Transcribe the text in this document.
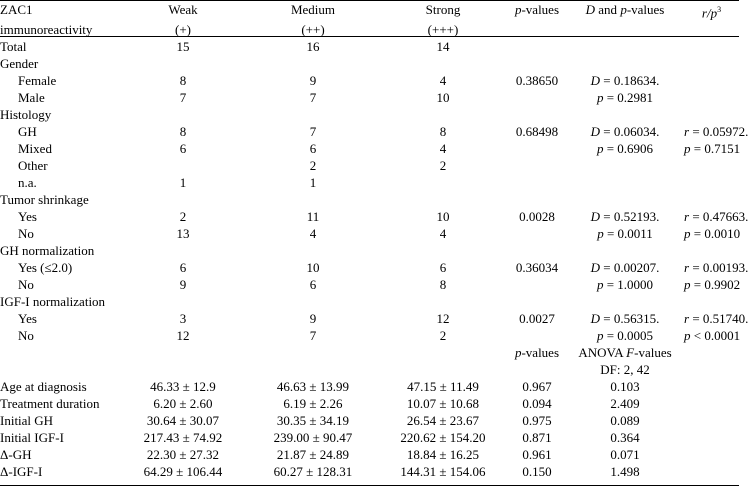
ZAC1	Weak	Medium	Strong	p-values	D and p-values	$r/p^3$
immunoreactivity	(+)	(++)	(+++)			
Total	15	16	14			
Gender						
Female	8	9	4	0.38650	D = 0.18634.	
Male	7	7	10		p = 0.2981	
Histology						
GH	8	7	8	0.68498	D = 0.06034.	r = 0.05972.
Mixed	6	6	4		p = 0.6906	p = 0.7151
Other		2	2			
n.a.	1	1				
Tumor shrinkage						
Yes	2	11	10	0.0028	D = 0.52193.	r = 0.47663.
No	13	4	4		p = 0.0011	p = 0.0010
GH normalization						
Yes (≤2.0)	6	10	6	0.36034	D = 0.00207.	r = 0.00193.
No	9	6	8		p = 1.0000	p = 0.9902
IGF-I normalization						
Yes	3	9	12	0.0027	D = 0.56315.	r = 0.51740.
No	12	7	2		p = 0.0005	p < 0.0001
				p-values	ANOVA F-values	
					DF: 2, 42	
Age at diagnosis	46.33 ± 12.9	46.63 ± 13.99	47.15 ± 11.49	0.967	0.103	
Treatment duration	6.20 ± 2.60	6.19 ± 2.26	10.07 ± 10.68	0.094	2.409	
Initial GH	30.64 ± 30.07	30.35 ± 34.19	26.54 ± 23.67	0.975	0.089	
Initial IGF-I	217.43 ± 74.92	239.00 ± 90.47	220.62 ± 154.20	0.871	0.364	
Δ-GH	22.30 ± 27.32	21.87 ± 24.89	18.84 ± 16.25	0.961	0.071	
Δ-IGF-I	64.29 ± 106.44	60.27 ± 128.31	144.31 ± 154.06	0.150	1.498	
